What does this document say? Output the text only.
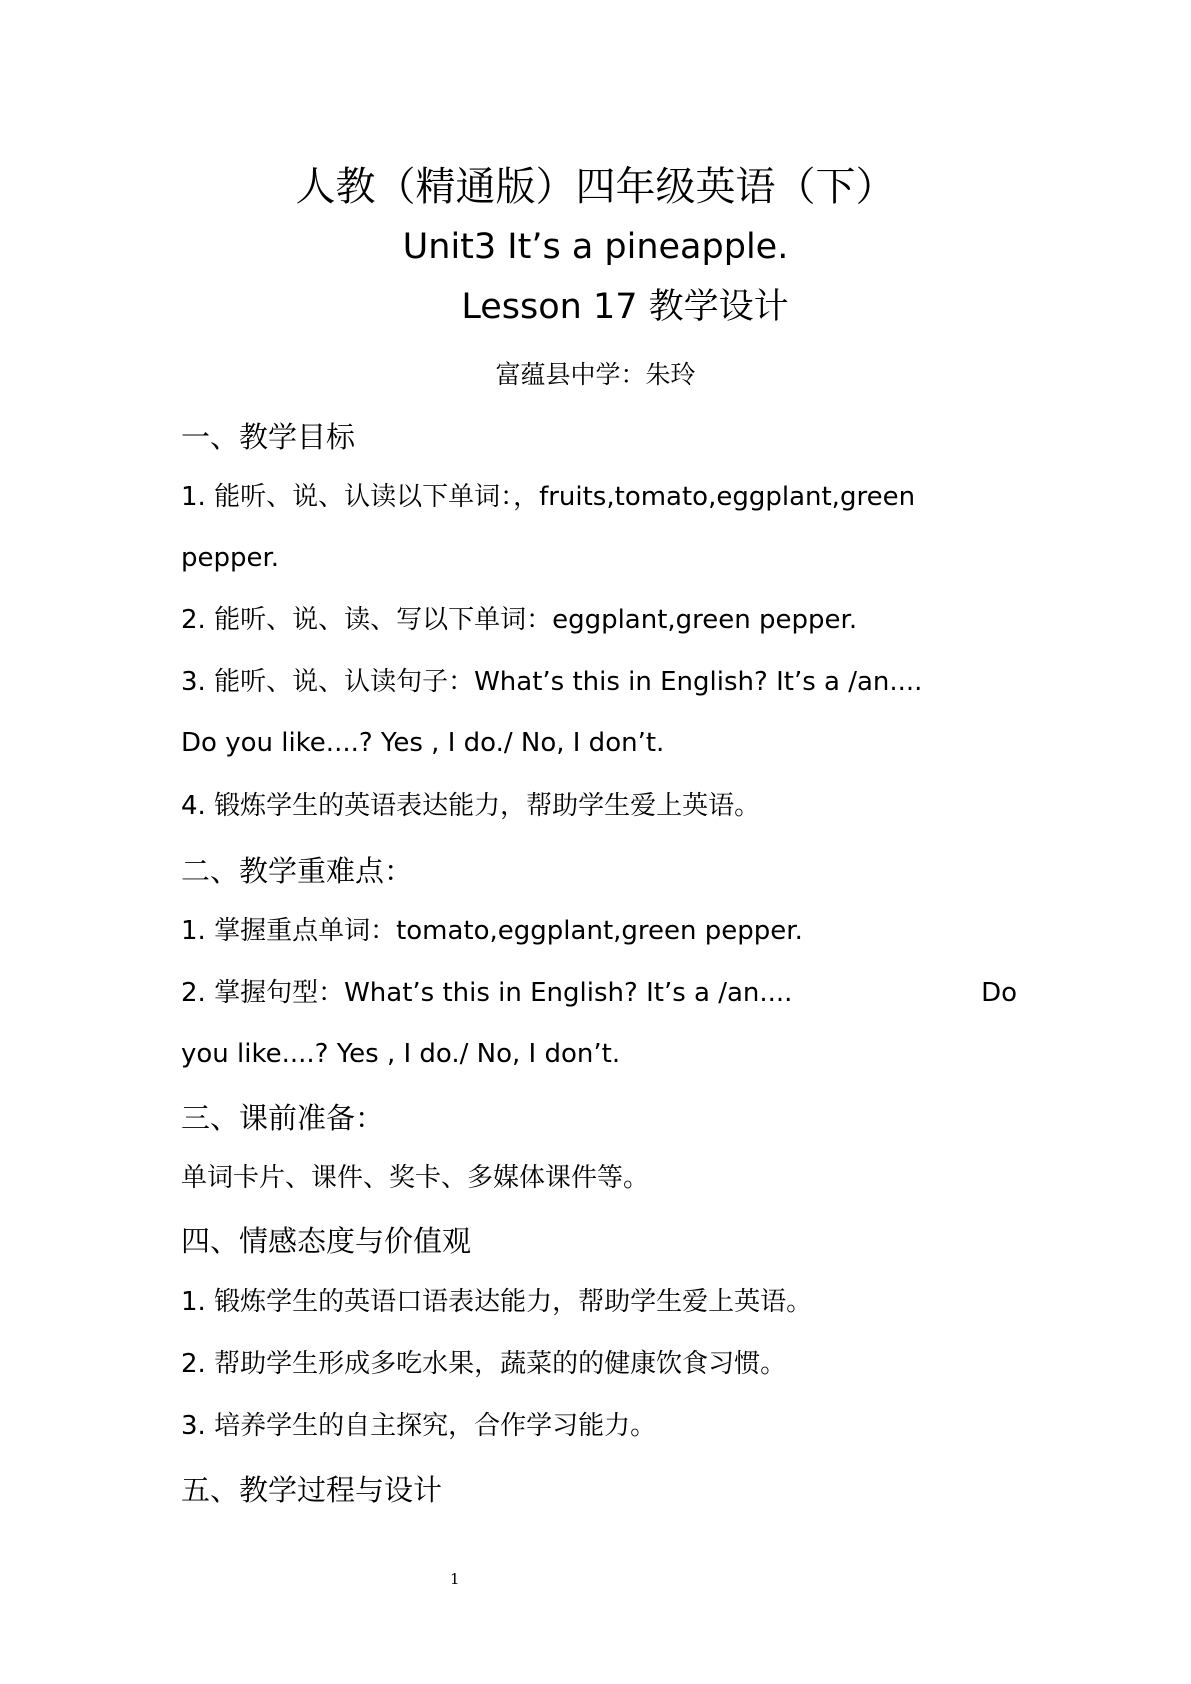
人教（精通版）四年级英语（下）
Unit3 It’s a pineapple.
Lesson 17 教学设计
富蕴县中学：朱玲
一、教学目标
1. 能听、说、认读以下单词：，fruits,tomato,eggplant,green
pepper.
2. 能听、说、读、写以下单词：eggplant,green pepper.
3. 能听、说、认读句子：What’s this in English? It’s a /an....
Do you like....? Yes , I do./ No, I don’t.
4. 锻炼学生的英语表达能力，帮助学生爱上英语。
二、教学重难点：
1. 掌握重点单词：tomato,eggplant,green pepper.
2. 掌握句型：What’s this in English? It’s a /an....	Do
you like....? Yes , I do./ No, I don’t.
三、课前准备：
单词卡片、课件、奖卡、多媒体课件等。
四、情感态度与价值观
1. 锻炼学生的英语口语表达能力，帮助学生爱上英语。
2. 帮助学生形成多吃水果，蔬菜的的健康饮食习惯。
3. 培养学生的自主探究，合作学习能力。
五、教学过程与设计
1
